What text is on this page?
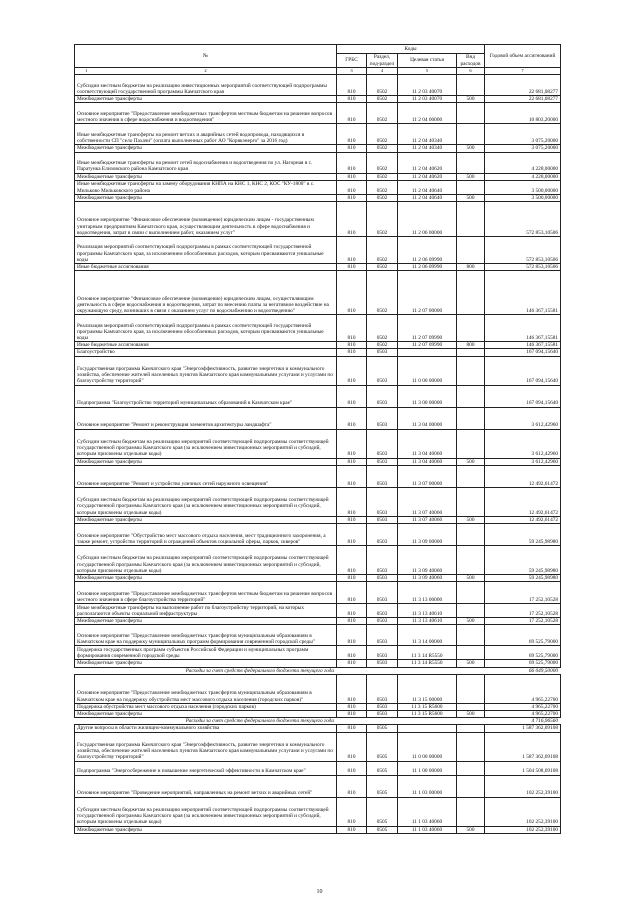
№	Коды				Годовой объем ассигнований
	ГРБС	Раздел, под-раздел	Целевая статья	Вид расходов	

1 2	3	4	5	6	7
Субсидии местным бюджетам на реализацию инвестиционных мероприятий соответствующей подпрограммы соответствующей государственной программы Камчатского края	810	0502	11 2 03 40070		22 681,08277
Межбюджетные трансферты	810	0502	11 2 03 40070	500	22 681,08277
Основное мероприятие "Предоставление межбюджетных трансфертов местным бюджетам на решение вопросов местного значения в сфере водоснабжения и водоотведения"	810	0502	11 2 04 00000		10 803,20000
Иные межбюджетные трансферты на ремонт ветхих и аварийных сетей водопровода, находящихся в собственности СП "село Пахачи" (оплата выполненных работ АО "Корякэнерго" за 2016 год)	810	0502	11 2 04 40340		3 075,20000
Межбюджетные трансферты	810	0502	11 2 04 40340	500	3 075,20000
Иные межбюджетные трансферты на ремонт сетей водоснабжения и водоотведения по ул. Нагорная в с. Паратунка Елизовского района Камчатского края	810	0502	11 2 04 40620		4 228,00000
Межбюджетные трансферты	810	0502	11 2 04 40620	500	4 228,00000
Иные межбюджетные трансферты на замену оборудования КНПА на КНС 1, КНС 2, КОС "КУ-1800" в с. Мильково Мильковского района	810	0502	11 2 04 40640		3 500,00000
Межбюджетные трансферты	810	0502	11 2 04 40640	500	3 500,00000
Основное мероприятие "Финансовое обеспечение (возмещение) юридическим лицам - государственным унитарным предприятиям Камчатского края, осуществляющим деятельность в сфере водоснабжения и водоотведения, затрат в связи с выполнением работ, оказанием услуг"	810	0502	11 2 06 00000		572 853,10506
Реализация мероприятий соответствующей подпрограммы в рамках соответствующей государственной программы Камчатского края, за исключением обособленных расходов, которым присваиваются уникальные коды	810	0502	11 2 06 09990		572 853,10506
Иные бюджетные ассигнования	810	0502	11 2 06 09990	800	572 853,10506
Основное мероприятие "Финансовое обеспечение (возмещение) юридическим лицам, осуществляющим деятельность в сфере водоснабжения и водоотведения, затрат по внесению платы за негативное воздействие на окружающую среду, возникших в связи с оказанием услуг по водоснабжению и водоотведению"	810	0502	11 2 07 00000		146 367,15581
Реализация мероприятий соответствующей подпрограммы в рамках соответствующей государственной программы Камчатского края, за исключением обособленных расходов, которым присваиваются уникальные коды	810	0502	11 2 07 09990		146 367,15581
Иные бюджетные ассигнования	810	0502	11 2 07 09990	800	146 367,15581
Благоустройство	810	0503			167 094,15640
Государственная программа Камчатского края "Энергоэффективность, развитие энергетики и коммунального хозяйства, обеспечение жителей населенных пунктов Камчатского края коммунальными услугами и услугами по благоустройству территорий"	810	0503	11 0 00 00000		167 094,15640
Подпрограмма "Благоустройство территорий муниципальных образований в Камчатском крае"	810	0503	11 3 00 00000		167 094,15640
Основное мероприятие "Ремонт и реконструкция элементов архитектуры ландшафта"	810	0503	11 3 04 00000		3 612,42960
Субсидии местным бюджетам на реализацию мероприятий соответствующей подпрограммы соответствующей государственной программы Камчатского края (за исключением инвестиционных мероприятий и субсидий, которым присвоены отдельные коды)	810	0503	11 3 04 40060		3 612,42960
Межбюджетные трансферты	810	0503	11 3 04 40060	500	3 612,42960
Основное мероприятие "Ремонт и устройство уличных сетей наружного освещения"	810	0503	11 3 07 00000		12 492,61472
Субсидии местным бюджетам на реализацию мероприятий соответствующей подпрограммы соответствующей государственной программы Камчатского края (за исключением инвестиционных мероприятий и субсидий, которым присвоены отдельные коды)	810	0503	11 3 07 40060		12 492,61472
Межбюджетные трансферты	810	0503	11 3 07 40060	500	12 492,61472
Основное мероприятие "Обустройство мест массового отдыха населения, мест традиционного захоронения, а также ремонт, устройство территорий и ограждений объектов социальной сферы, парков, скверов"	810	0503	11 3 09 00000		59 245,98980
Субсидии местным бюджетам на реализацию мероприятий соответствующей подпрограммы соответствующей государственной программы Камчатского края (за исключением инвестиционных мероприятий и субсидий, которым присвоены отдельные коды)	810	0503	11 3 09 40060		59 245,98980
Межбюджетные трансферты	810	0503	11 3 09 40060	500	59 245,98980
Основное мероприятие "Предоставление межбюджетных трансфертов местным бюджетам на решение вопросов местного значения в сфере благоустройства территорий"	810	0503	11 3 13 00000		17 252,10528
Иные межбюджетные трансферты на выполнение работ по благоустройству территорий, на которых располагаются объекты социальной инфраструктуры	810	0503	11 3 13 40610		17 252,10528
Межбюджетные трансферты	810	0503	11 3 13 40610	500	17 252,10528
Основное мероприятие "Предоставление межбюджетных трансфертов муниципальным образованиям в Камчатском крае на поддержку муниципальных программ формирования современной городской среды"	810	0503	11 3 14 00000		69 525,79000
Поддержка государственных программ субъектов Российской Федерации и муниципальных программ формирования современной городской среды	810	0503	11 3 14 R5550		69 525,79000
Межбюджетные трансферты	810	0503	11 3 14 R5550	500	69 525,79000
Расходы за счет средств федерального бюджета текущего года					66 049,50000
Основное мероприятие "Предоставление межбюджетных трансфертов муниципальным образованиям в Камчатском крае на поддержку обустройства мест массового отдыха населения (городских парков)"	810	0503	11 3 15 00000		4 965,22700
Поддержка обустройства мест массового отдыха населения (городских парков)	810	0503	11 3 15 R5600		4 965,22700
Межбюджетные трансферты	810	0503	11 3 15 R5600	500	4 965,22700
Расходы за счет средств федерального бюджета текущего года					4 716,96560
Другие вопросы в области жилищно-коммунального хозяйства	810	0505			1 587 362,69108
Государственная программа Камчатского края "Энергоэффективность, развитие энергетики и коммунального хозяйства, обеспечение жителей населенных пунктов Камчатского края коммунальными услугами и услугами по благоустройству территорий"	810	0505	11 0 00 00000		1 587 362,69108
Подпрограмма "Энергосбережение и повышение энергетической эффективности в Камчатском крае"	810	0505	11 1 00 00000		1 504 508,69108
Основное мероприятие "Проведение мероприятий, направленных на ремонт ветхих и аварийных сетей"	810	0505	11 1 03 00000		102 252,39100
Субсидии местным бюджетам на реализацию мероприятий соответствующей подпрограммы соответствующей государственной программы Камчатского края (за исключением инвестиционных мероприятий и субсидий, которым присвоены отдельные коды)	810	0505	11 1 03 40060		102 252,39100
Межбюджетные трансферты	810	0505	11 1 03 40060	500	102 252,39100
10
